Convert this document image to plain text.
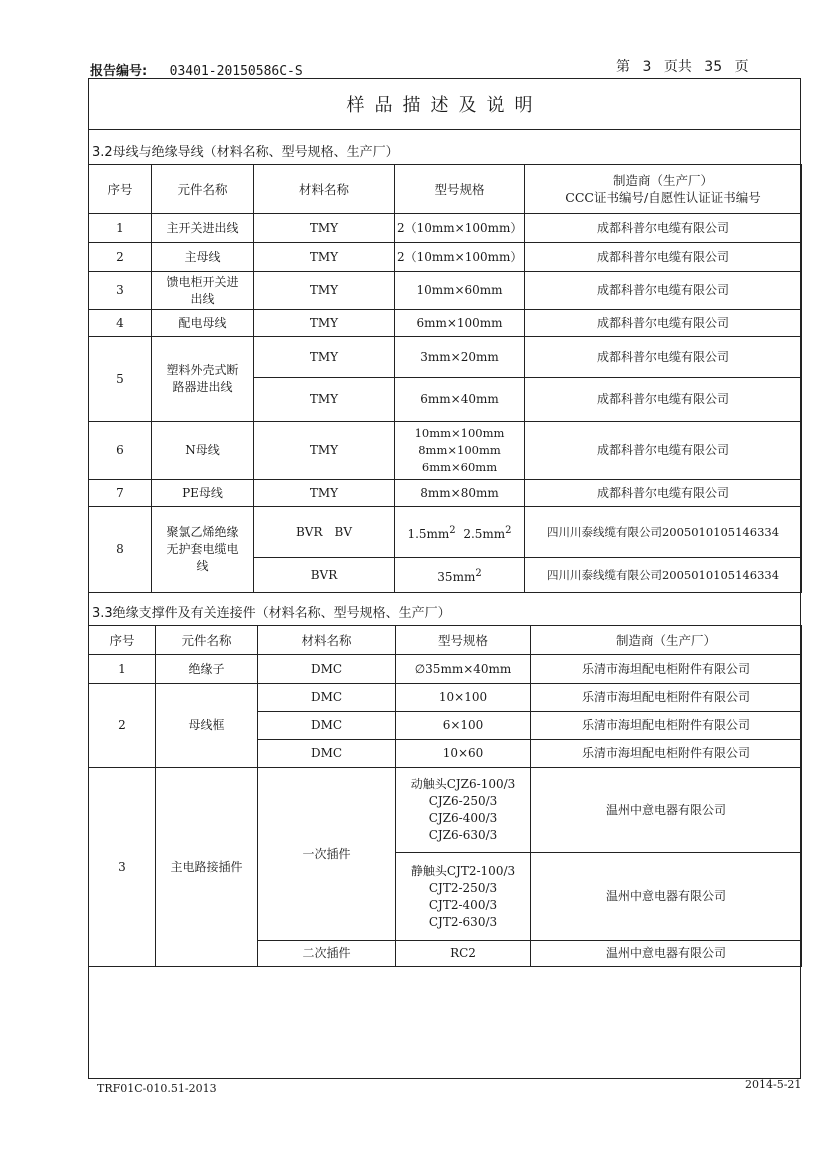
报告编号: 03401-20150586C-S	第 3 页共 35 页
样品描述及说明
3.2母线与绝缘导线（材料名称、型号规格、生产厂）
序号	元件名称	材料名称	型号规格	制造商（生产厂）
CCC证书编号/自愿性认证证书编号

1	主开关进出线	TMY	2（10mm×100mm）	成都科普尔电缆有限公司
2	主母线	TMY	2（10mm×100mm）	成都科普尔电缆有限公司
3	馈电柜开关进
出线	TMY	10mm×60mm	成都科普尔电缆有限公司
4	配电母线	TMY	6mm×100mm	成都科普尔电缆有限公司
5	塑料外壳式断
路器进出线	TMY	3mm×20mm	成都科普尔电缆有限公司
		TMY	6mm×40mm	成都科普尔电缆有限公司
6	N母线	TMY	10mm×100mm
8mm×100mm
6mm×60mm	成都科普尔电缆有限公司
7	PE母线	TMY	8mm×80mm	成都科普尔电缆有限公司
8	聚氯乙烯绝缘
无护套电缆电
线	BVR　BV	$1.5mm^2$ $2.5mm^2$	四川川泰线缆有限公司2005010105146334
		BVR	$35mm^2$	四川川泰线缆有限公司2005010105146334
3.3绝缘支撑件及有关连接件（材料名称、型号规格、生产厂）
序号	元件名称	材料名称	型号规格	制造商（生产厂）
1	绝缘子	DMC	∅35mm×40mm	乐清市海坦配电柜附件有限公司
2	母线框	DMC	10×100	乐清市海坦配电柜附件有限公司
		DMC	6×100	乐清市海坦配电柜附件有限公司
		DMC	10×60	乐清市海坦配电柜附件有限公司
3	主电路接插件	一次插件	动触头CJZ6-100/3
CJZ6-250/3
CJZ6-400/3
CJZ6-630/3	温州中意电器有限公司

			静触头CJT2-100/3
CJT2-250/3
CJT2-400/3
CJT2-630/3	温州中意电器有限公司
		二次插件	RC2	温州中意电器有限公司
TRF01C-010.51-2013	2014-5-21
